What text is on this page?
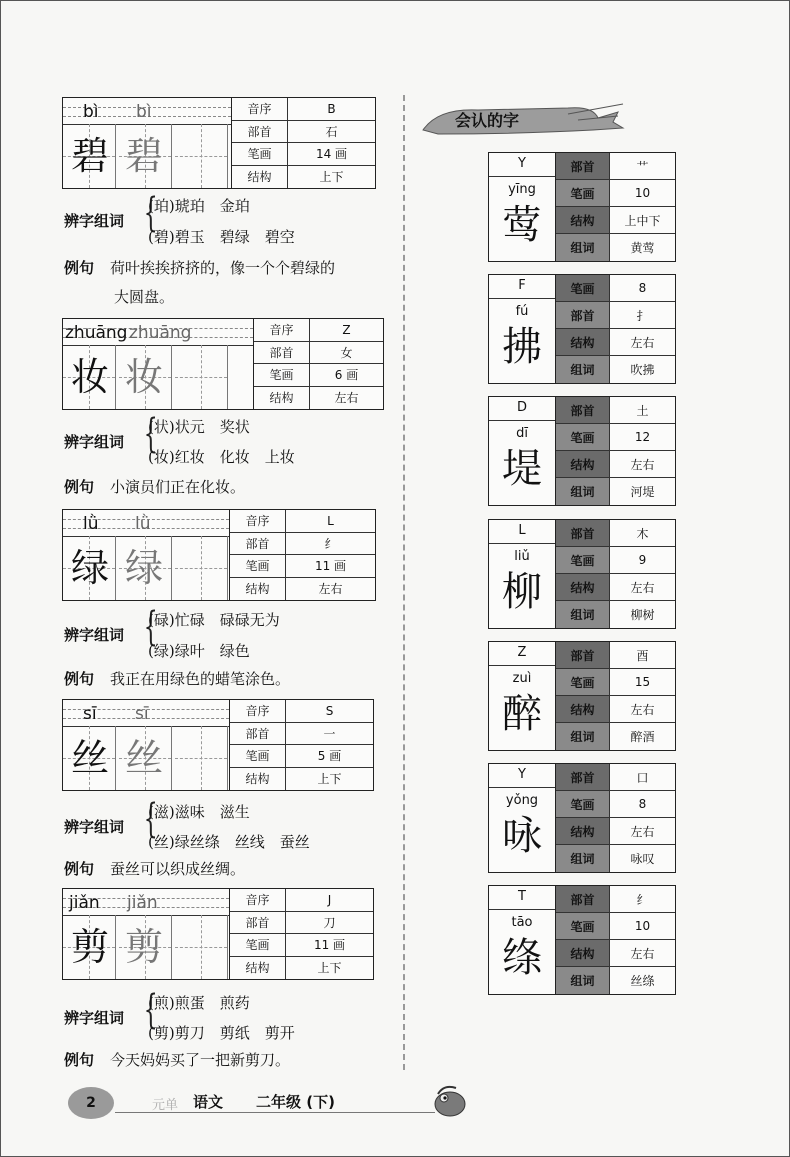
bì bì
碧 碧
音序	B
部首	石
笔画	14 画
结构	上下
辨字组词 {
(珀)琥珀　金珀
(碧)碧玉　碧绿　碧空
例句 荷叶挨挨挤挤的，像一个个碧绿的
大圆盘。
zhuāng zhuāng
妆 妆
音序	Z
部首	女
笔画	6 画
结构	左右
辨字组词 {
(状)状元　奖状
(妆)红妆　化妆　上妆
例句 小演员们正在化妆。
lǜ lǜ
绿 绿
音序	L
部首	纟
笔画	11 画
结构	左右
辨字组词 {
(碌)忙碌　碌碌无为
(绿)绿叶　绿色
例句 我正在用绿色的蜡笔涂色。
sī sī
丝 丝
音序	S
部首	一
笔画	5 画
结构	上下
辨字组词 {
(滋)滋味　滋生
(丝)绿丝绦　丝线　蚕丝
例句 蚕丝可以织成丝绸。
jiǎn jiǎn
剪 剪
音序	J
部首	刀
笔画	11 画
结构	上下
辨字组词 {
(煎)煎蛋　煎药
(剪)剪刀　剪纸　剪开
例句 今天妈妈买了一把新剪刀。
会认的字
Y
yīng
莺
部首	艹
笔画	10
结构	上中下
组词	黄莺
F
fú
拂
笔画	8
部首	扌
结构	左右
组词	吹拂
D
dī
堤
部首	土
笔画	12
结构	左右
组词	河堤
L
liǔ
柳
部首	木
笔画	9
结构	左右
组词	柳树
Z
zuì
醉
部首	酉
笔画	15
结构	左右
组词	醉酒
Y
yǒng
咏
部首	口
笔画	8
结构	左右
组词	咏叹
T
tāo
绦
部首	纟
笔画	10
结构	左右
组词	丝绦
2	元单 语文 二年级 (下)
